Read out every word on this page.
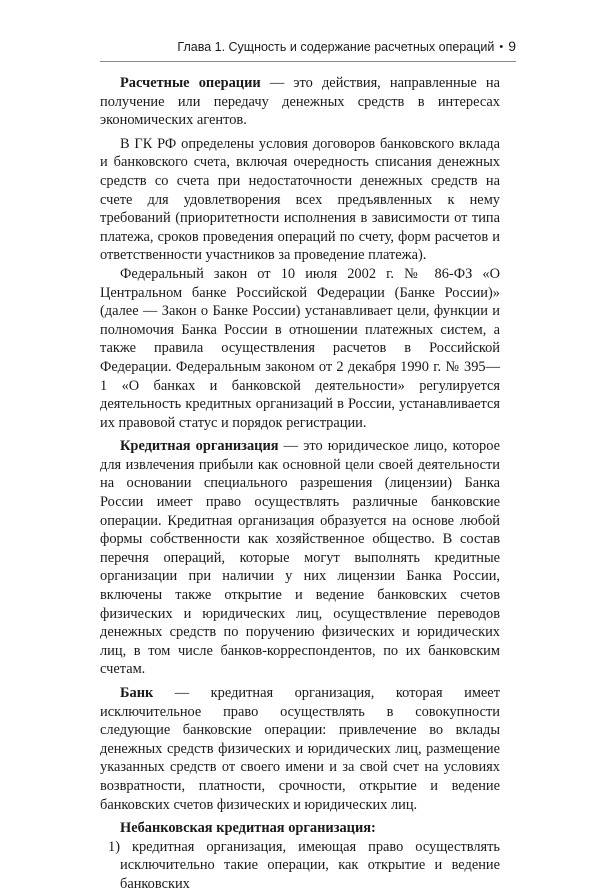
Глава 1. Сущность и содержание расчетных операций • 9

Расчетные операции — это действия, направленные на получение или передачу денежных средств в интересах экономических агентов.

В ГК РФ определены условия договоров банковского вклада и банковского счета, включая очередность списания денежных средств со счета при недостаточности денежных средств на счете для удовлетворения всех предъявленных к нему требований (приоритетности исполнения в зависимости от типа платежа, сроков проведения операций по счету, форм расчетов и ответственности участников за проведение платежа).

Федеральный закон от 10 июля 2002 г. № 86-ФЗ «О Центральном банке Российской Федерации (Банке России)» (далее — Закон о Банке России) устанавливает цели, функции и полномочия Банка России в отношении платежных систем, а также правила осуществления расчетов в Российской Федерации. Федеральным законом от 2 декабря 1990 г. № 395—1 «О банках и банковской деятельности» регулируется деятельность кредитных организаций в России, устанавливается их правовой статус и порядок регистрации.

Кредитная организация — это юридическое лицо, которое для извлечения прибыли как основной цели своей деятельности на основании специального разрешения (лицензии) Банка России имеет право осуществлять различные банковские операции. Кредитная организация образуется на основе любой формы собственности как хозяйственное общество. В состав перечня операций, которые могут выполнять кредитные организации при наличии у них лицензии Банка России, включены также открытие и ведение банковских счетов физических и юридических лиц, осуществление переводов денежных средств по поручению физических и юридических лиц, в том числе банков-корреспондентов, по их банковским счетам.

Банк — кредитная организация, которая имеет исключительное право осуществлять в совокупности следующие банковские операции: привлечение во вклады денежных средств физических и юридических лиц, размещение указанных средств от своего имени и за свой счет на условиях возвратности, платности, срочности, открытие и ведение банковских счетов физических и юридических лиц.

Небанковская кредитная организация:

1) кредитная организация, имеющая право осуществлять исключительно такие операции, как открытие и ведение банковских
